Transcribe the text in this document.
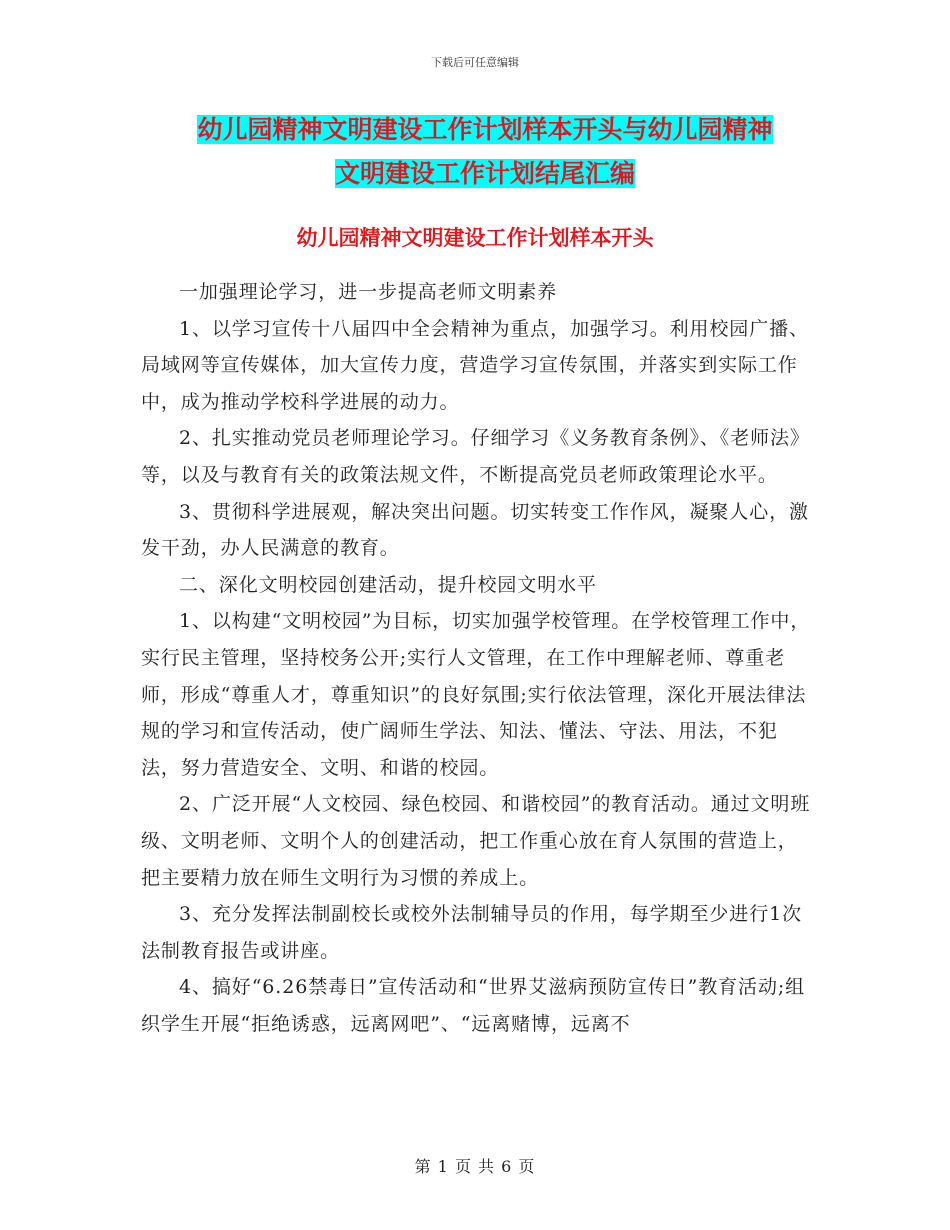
下载后可任意编辑
幼儿园精神文明建设工作计划样本开头与幼儿园精神
文明建设工作计划结尾汇编
幼儿园精神文明建设工作计划样本开头

一加强理论学习，进一步提高老师文明素养

1、以学习宣传十八届四中全会精神为重点，加强学习。利用校园广播、局域网等宣传媒体，加大宣传力度，营造学习宣传氛围，并落实到实际工作中，成为推动学校科学进展的动力。

2、扎实推动党员老师理论学习。仔细学习《义务教育条例》、《老师法》等，以及与教育有关的政策法规文件，不断提高党员老师政策理论水平。

3、贯彻科学进展观，解决突出问题。切实转变工作作风，凝聚人心，激发干劲，办人民满意的教育。

二、深化文明校园创建活动，提升校园文明水平

1、以构建“文明校园”为目标，切实加强学校管理。在学校管理工作中，实行民主管理，坚持校务公开;实行人文管理，在工作中理解老师、尊重老师，形成“尊重人才，尊重知识”的良好氛围;实行依法管理，深化开展法律法规的学习和宣传活动，使广阔师生学法、知法、懂法、守法、用法，不犯法，努力营造安全、文明、和谐的校园。

2、广泛开展“人文校园、绿色校园、和谐校园”的教育活动。通过文明班级、文明老师、文明个人的创建活动，把工作重心放在育人氛围的营造上，把主要精力放在师生文明行为习惯的养成上。

3、充分发挥法制副校长或校外法制辅导员的作用，每学期至少进行1次法制教育报告或讲座。

4、搞好“6.26禁毒日”宣传活动和“世界艾滋病预防宣传日”教育活动;组织学生开展“拒绝诱惑，远离网吧”、“远离赌博，远离不

第 1 页 共 6 页
